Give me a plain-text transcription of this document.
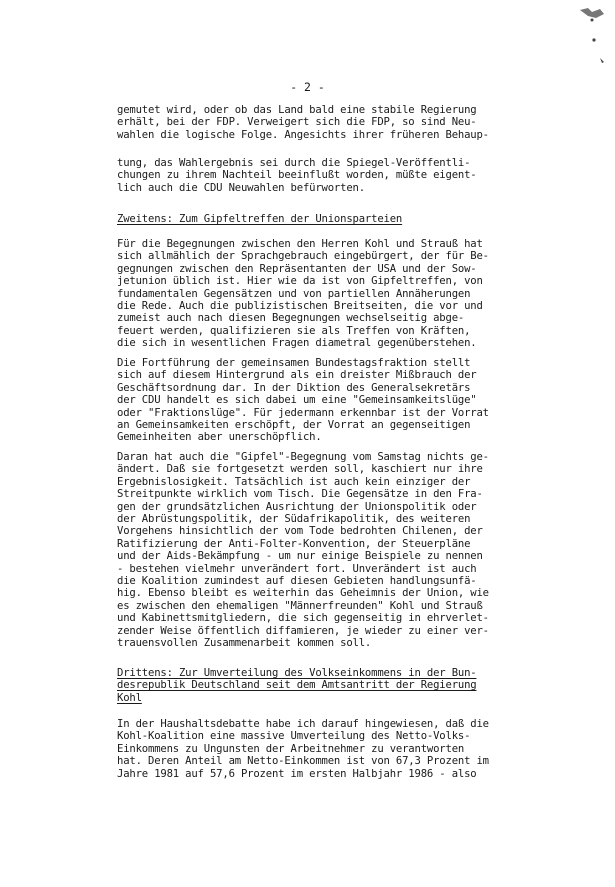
- 2 -
gemutet wird, oder ob das Land bald eine stabile Regierung
erhält, bei der FDP. Verweigert sich die FDP, so sind Neu-
wahlen die logische Folge. Angesichts ihrer früheren Behaup-
tung, das Wahlergebnis sei durch die Spiegel-Veröffentli-
chungen zu ihrem Nachteil beeinflußt worden, müßte eigent-
lich auch die CDU Neuwahlen befürworten.
Zweitens: Zum Gipfeltreffen der Unionsparteien
Für die Begegnungen zwischen den Herren Kohl und Strauß hat
sich allmählich der Sprachgebrauch eingebürgert, der für Be-
gegnungen zwischen den Repräsentanten der USA und der Sow-
jetunion üblich ist. Hier wie da ist von Gipfeltreffen, von
fundamentalen Gegensätzen und von partiellen Annäherungen
die Rede. Auch die publizistischen Breitseiten, die vor und
zumeist auch nach diesen Begegnungen wechselseitig abge-
feuert werden, qualifizieren sie als Treffen von Kräften,
die sich in wesentlichen Fragen diametral gegenüberstehen.
Die Fortführung der gemeinsamen Bundestagsfraktion stellt
sich auf diesem Hintergrund als ein dreister Mißbrauch der
Geschäftsordnung dar. In der Diktion des Generalsekretärs
der CDU handelt es sich dabei um eine "Gemeinsamkeitslüge"
oder "Fraktionslüge". Für jedermann erkennbar ist der Vorrat
an Gemeinsamkeiten erschöpft, der Vorrat an gegenseitigen
Gemeinheiten aber unerschöpflich.
Daran hat auch die "Gipfel"-Begegnung vom Samstag nichts ge-
ändert. Daß sie fortgesetzt werden soll, kaschiert nur ihre
Ergebnislosigkeit. Tatsächlich ist auch kein einziger der
Streitpunkte wirklich vom Tisch. Die Gegensätze in den Fra-
gen der grundsätzlichen Ausrichtung der Unionspolitik oder
der Abrüstungspolitik, der Südafrikapolitik, des weiteren
Vorgehens hinsichtlich der vom Tode bedrohten Chilenen, der
Ratifizierung der Anti-Folter-Konvention, der Steuerpläne
und der Aids-Bekämpfung - um nur einige Beispiele zu nennen
- bestehen vielmehr unverändert fort. Unverändert ist auch
die Koalition zumindest auf diesen Gebieten handlungsunfä-
hig. Ebenso bleibt es weiterhin das Geheimnis der Union, wie
es zwischen den ehemaligen "Männerfreunden" Kohl und Strauß
und Kabinettsmitgliedern, die sich gegenseitig in ehrverlet-
zender Weise öffentlich diffamieren, je wieder zu einer ver-
trauensvollen Zusammenarbeit kommen soll.
Drittens: Zur Umverteilung des Volkseinkommens in der Bun-
desrepublik Deutschland seit dem Amtsantritt der Regierung
Kohl
In der Haushaltsdebatte habe ich darauf hingewiesen, daß die
Kohl-Koalition eine massive Umverteilung des Netto-Volks-
Einkommens zu Ungunsten der Arbeitnehmer zu verantworten
hat. Deren Anteil am Netto-Einkommen ist von 67,3 Prozent im
Jahre 1981 auf 57,6 Prozent im ersten Halbjahr 1986 - also
